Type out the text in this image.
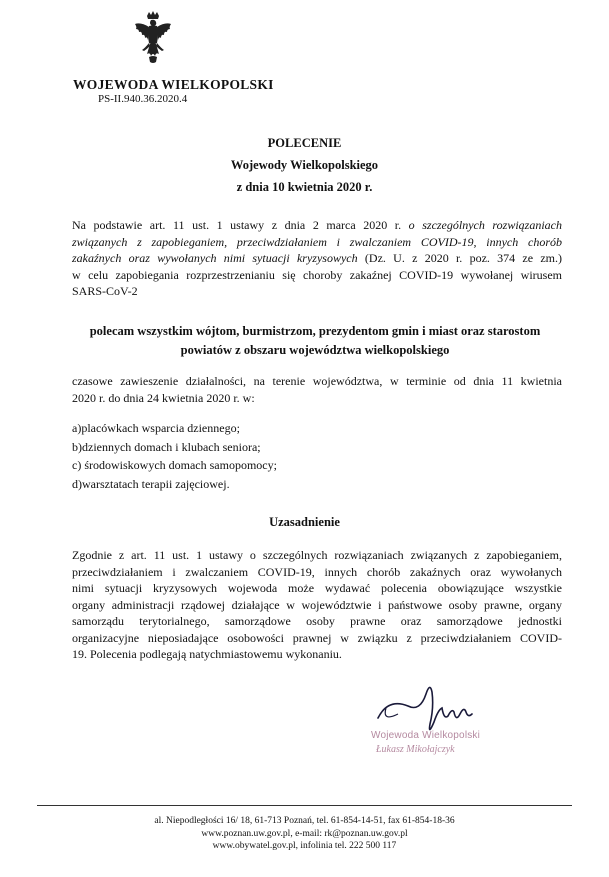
WOJEWODA WIELKOPOLSKI
PS-II.940.36.2020.4
POLECENIE
Wojewody Wielkopolskiego
z dnia 10 kwietnia 2020 r.
Na podstawie art. 11 ust. 1 ustawy z dnia 2 marca 2020 r. o szczególnych rozwiązaniach
związanych z zapobieganiem, przeciwdziałaniem i zwalczaniem COVID-19, innych chorób
zakaźnych oraz wywołanych nimi sytuacji kryzysowych (Dz. U. z 2020 r. poz. 374 ze zm.)
w celu zapobiegania rozprzestrzenianiu się choroby zakaźnej COVID-19 wywołanej wirusem
SARS-CoV-2
polecam wszystkim wójtom, burmistrzom, prezydentom gmin i miast oraz starostom
powiatów z obszaru województwa wielkopolskiego
czasowe zawieszenie działalności, na terenie województwa, w terminie od dnia 11 kwietnia
2020 r. do dnia 24 kwietnia 2020 r. w:
a)placówkach wsparcia dziennego;
b)dziennych domach i klubach seniora;
c) środowiskowych domach samopomocy;
d)warsztatach terapii zajęciowej.
Uzasadnienie
Zgodnie z art. 11 ust. 1 ustawy o szczególnych rozwiązaniach związanych z zapobieganiem,
przeciwdziałaniem i zwalczaniem COVID-19, innych chorób zakaźnych oraz wywołanych
nimi sytuacji kryzysowych wojewoda może wydawać polecenia obowiązujące wszystkie
organy administracji rządowej działające w województwie i państwowe osoby prawne, organy
samorządu terytorialnego, samorządowe osoby prawne oraz samorządowe jednostki
organizacyjne nieposiadające osobowości prawnej w związku z przeciwdziałaniem COVID-
19. Polecenia podlegają natychmiastowemu wykonaniu.
Wojewoda Wielkopolski
Łukasz Mikołajczyk
al. Niepodległości 16/ 18, 61-713 Poznań, tel. 61-854-14-51, fax 61-854-18-36
www.poznan.uw.gov.pl, e-mail: rk@poznan.uw.gov.pl
www.obywatel.gov.pl, infolinia tel. 222 500 117
